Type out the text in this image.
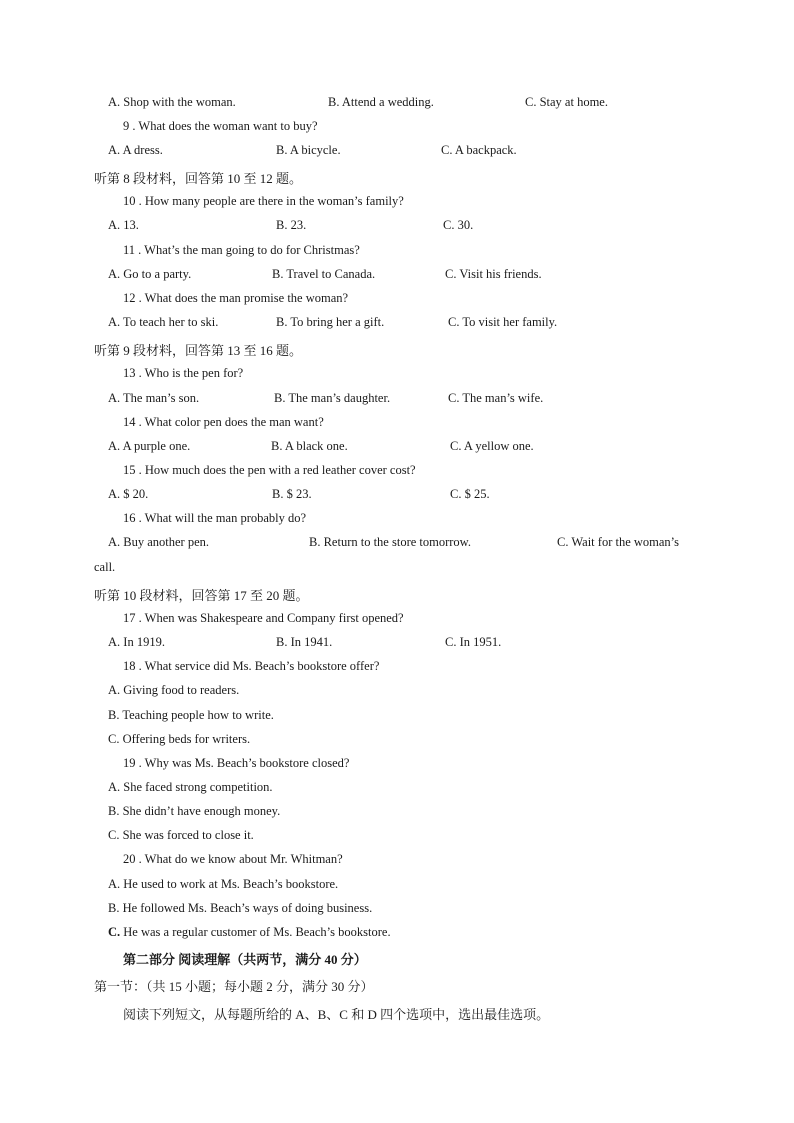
A. Shop with the woman.	B. Attend a wedding.	C. Stay at home.
9 . What does the woman want to buy?
A. A dress.	B. A bicycle.	C. A backpack.
听第 8 段材料，回答第 10 至 12 题。
10 . How many people are there in the woman’s family?
A. 13.	B. 23.	C. 30.
11 . What’s the man going to do for Christmas?
A. Go to a party.	B. Travel to Canada.	C. Visit his friends.
12 . What does the man promise the woman?
A. To teach her to ski.	B. To bring her a gift.	C. To visit her family.
听第 9 段材料，回答第 13 至 16 题。
13 . Who is the pen for?
A. The man’s son.	B. The man’s daughter.	C. The man’s wife.
14 . What color pen does the man want?
A. A purple one.	B. A black one.	C. A yellow one.
15 . How much does the pen with a red leather cover cost?
A. $ 20.	B. $ 23.	C. $ 25.
16 . What will the man probably do?
A. Buy another pen.	B. Return to the store tomorrow.	C. Wait for the woman’s
call.
听第 10 段材料，回答第 17 至 20 题。
17 . When was Shakespeare and Company first opened?
A. In 1919.	B. In 1941.	C. In 1951.
18 . What service did Ms. Beach’s bookstore offer?
A. Giving food to readers.
B. Teaching people how to write.
C. Offering beds for writers.
19 . Why was Ms. Beach’s bookstore closed?
A. She faced strong competition.
B. She didn’t have enough money.
C. She was forced to close it.
20 . What do we know about Mr. Whitman?
A. He used to work at Ms. Beach’s bookstore.
B. He followed Ms. Beach’s ways of doing business.
C. He was a regular customer of Ms. Beach’s bookstore.
第二部分 阅读理解（共两节，满分 40 分）
第一节：（共 15 小题；每小题 2 分，满分 30 分）
阅读下列短文，从每题所给的 A、B、C 和 D 四个选项中，选出最佳选项。
